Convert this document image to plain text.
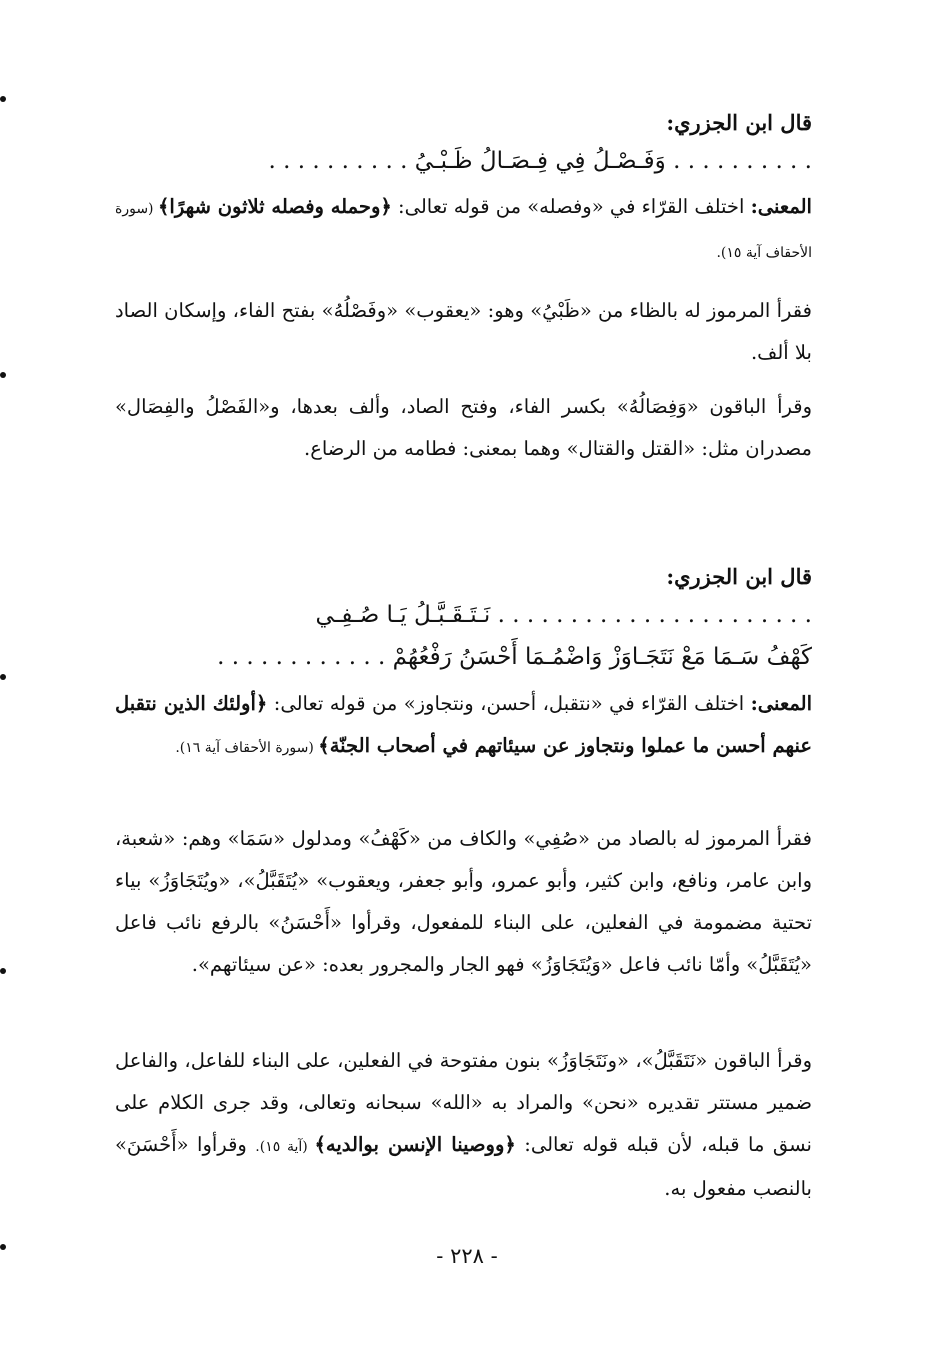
قال ابن الجزري:
. . . . . . . . . . وَفَـصْـلُ فِي فِـصَـالُ ظَـبْـيُ . . . . . . . . . .
المعنى: اختلف القرّاء في «وفصله» من قوله تعالى: ﴿وحمله وفصله ثلاثون شهرًا﴾ (سورة الأحقاف آية ١٥).
فقرأ المرموز له بالظاء من «ظَبْيُ» وهو: «يعقوب» «وفَصْلُهُ» بفتح الفاء، وإسكان الصاد بلا ألف.
وقرأ الباقون «وَفِصَالُهُ» بكسر الفاء، وفتح الصاد، وألف بعدها، و«الفَصْلُ والفِصَال» مصدران مثل: «القتل والقتال» وهما بمعنى: فطامه من الرضاع.
قال ابن الجزري:
. . . . . . . . . . . . . . . . . . . . . . نَـتَـقَـبَّـلُ يَـا صُـفِـي
كَهْفُ سَـمَا مَعْ نَتَجَـاوَزْ وَاضْمُـمَا أَحْسَنُ رَفْعُهُمْ . . . . . . . . . . . .
المعنى: اختلف القرّاء في «نتقبل، أحسن، ونتجاوز» من قوله تعالى: ﴿أولئك الذين نتقبل عنهم أحسن ما عملوا ونتجاوز عن سيئاتهم في أصحاب الجنّة﴾ (سورة الأحقاف آية ١٦).
فقرأ المرموز له بالصاد من «صُفِي» والكاف من «كَهْفُ» ومدلول «سَمَا» وهم: «شعبة، وابن عامر، ونافع، وابن كثير، وأبو عمرو، وأبو جعفر، ويعقوب» «يُتَقَبَّلُ»، «ويُتَجَاوَزُ» بياء تحتية مضمومة في الفعلين، على البناء للمفعول، وقرأوا «أَحْسَنُ» بالرفع نائب فاعل «يُتَقَبَّلُ» وأمّا نائب فاعل «وَيُتَجَاوَزُ» فهو الجار والمجرور بعده: «عن سيئاتهم».
وقرأ الباقون «نَتَقَبَّلُ»، «ونَتَجَاوَزُ» بنون مفتوحة في الفعلين، على البناء للفاعل، والفاعل ضمير مستتر تقديره «نحن» والمراد به «الله» سبحانه وتعالى، وقد جرى الكلام على نسق ما قبله، لأن قبله قوله تعالى: ﴿ووصينا الإنسن بوالديه﴾ (آية ١٥). وقرأوا «أَحْسَنَ» بالنصب مفعول به.
- ٢٢٨ -
